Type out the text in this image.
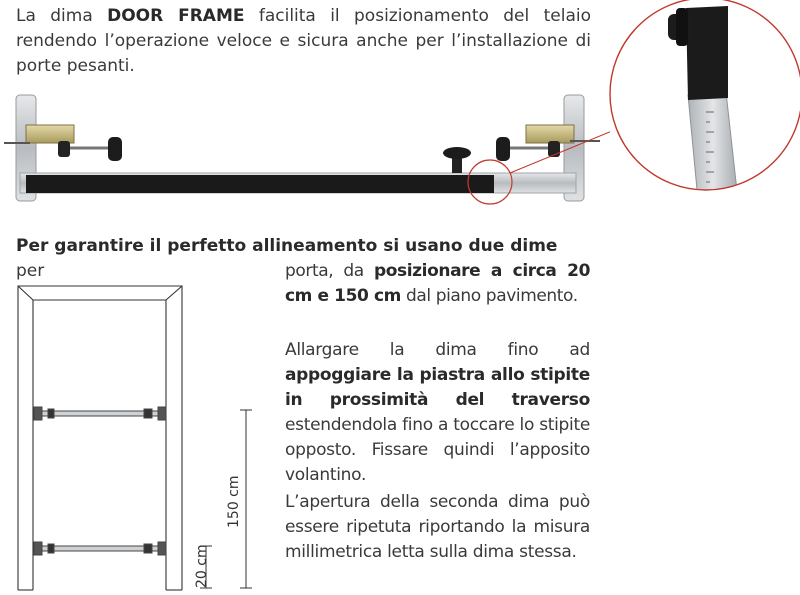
La dima DOOR FRAME facilita il posizionamento del telaio rendendo l’operazione veloce e sicura anche per l’installazione di porte pesanti.

Per garantire il perfetto allineamento si usano due dime per	porta, da posizionare a circa 20 cm e 150 cm dal piano pavimento.

Allargare la dima fino ad appoggiare la piastra allo stipite in prossimità del traverso estendendola fino a toccare lo stipite opposto. Fissare quindi l’apposito volantino.

L’apertura della seconda dima può essere ripetuta riportando la misura millimetrica letta sulla dima stessa.

150 cm
20 cm
